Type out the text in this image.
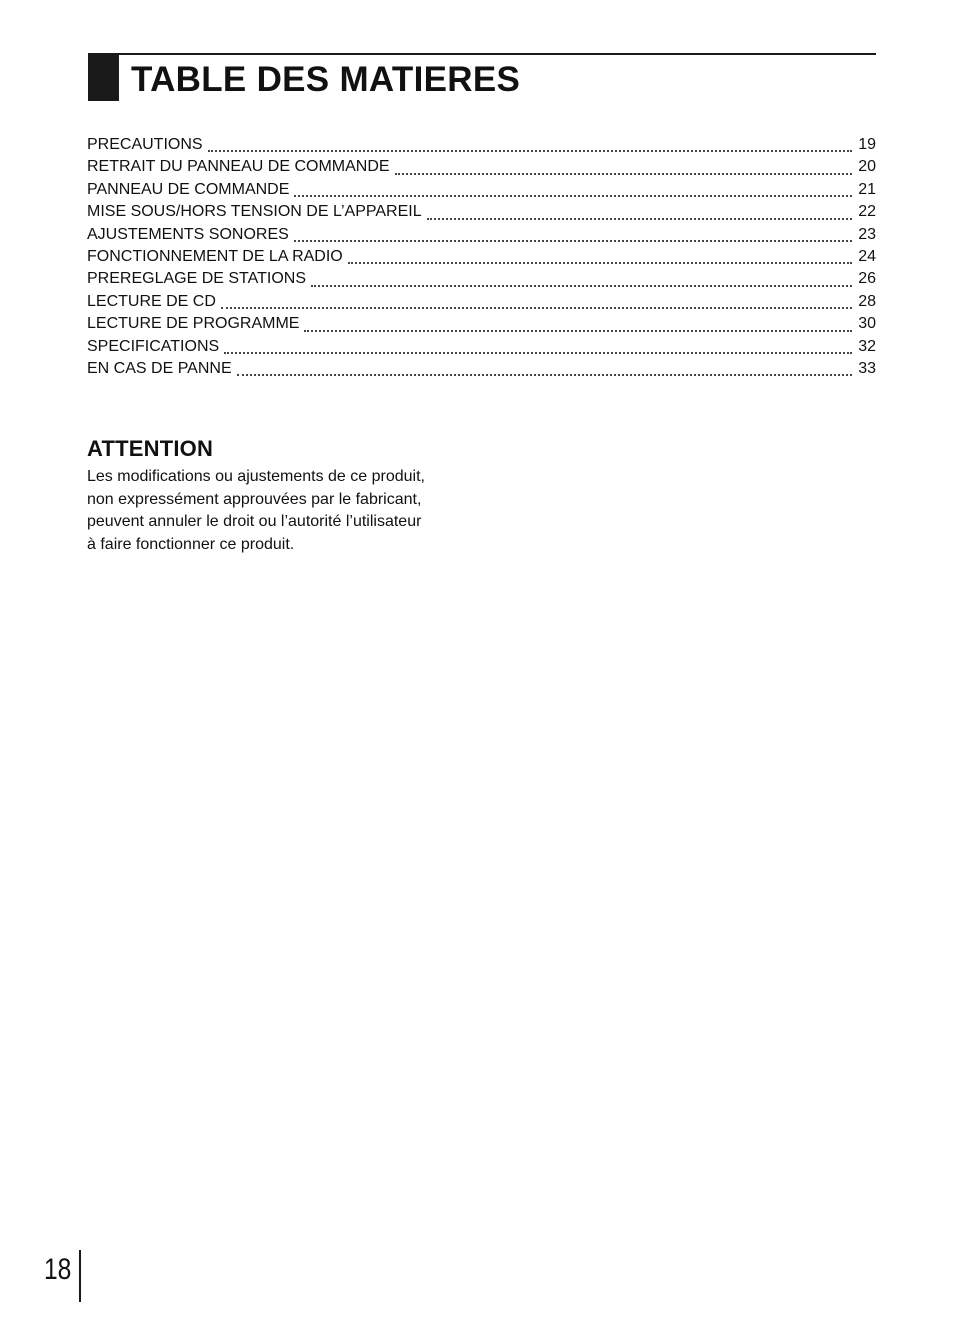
TABLE DES MATIERES
PRECAUTIONS	19
RETRAIT DU PANNEAU DE COMMANDE	20
PANNEAU DE COMMANDE	21
MISE SOUS/HORS TENSION DE L’APPAREIL	22
AJUSTEMENTS SONORES	23
FONCTIONNEMENT DE LA RADIO	24
PREREGLAGE DE STATIONS	26
LECTURE DE CD	28
LECTURE DE PROGRAMME	30
SPECIFICATIONS	32
EN CAS DE PANNE	33
ATTENTION

Les modifications ou ajustements de ce produit,
non expressément approuvées par le fabricant,
peuvent annuler le droit ou l’autorité l’utilisateur
à faire fonctionner ce produit.

18
